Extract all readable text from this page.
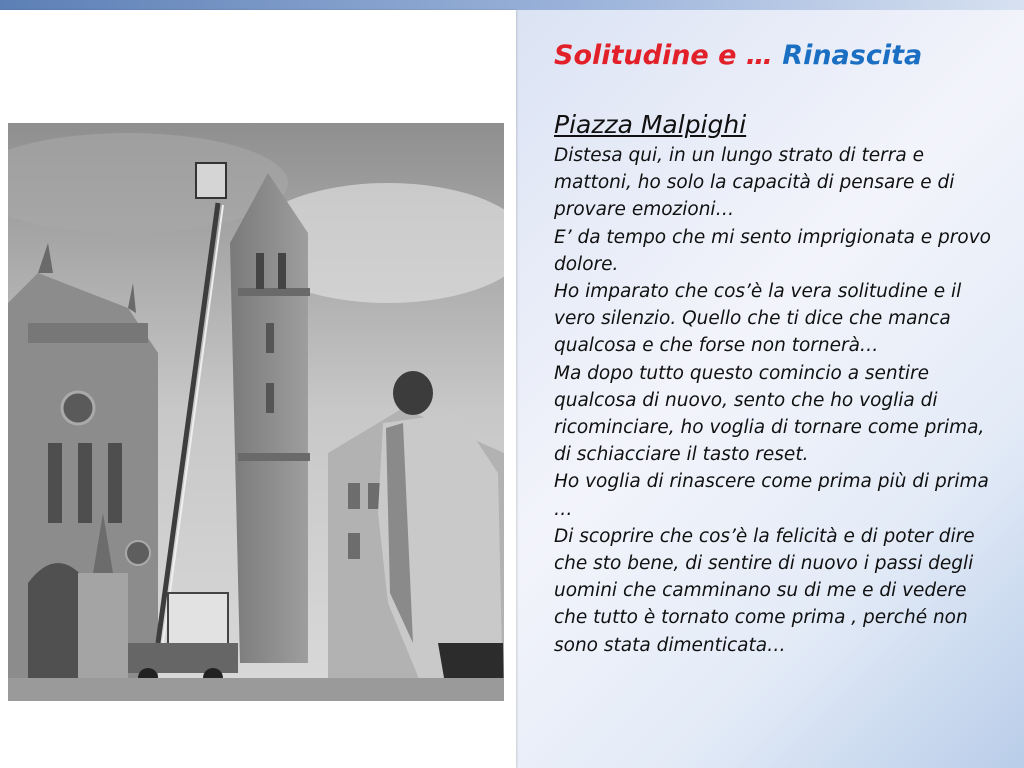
Solitudine e … Rinascita
Piazza Malpighi

Distesa qui, in un lungo strato di terra e mattoni, ho solo la capacità di pensare e di provare emozioni…

E’ da tempo che mi sento imprigionata e provo dolore.

Ho imparato che cos’è la vera solitudine e il vero silenzio. Quello che ti dice che manca qualcosa e che forse non tornerà…

Ma dopo tutto questo comincio a sentire qualcosa di nuovo, sento che ho voglia di ricominciare, ho voglia di tornare come prima, di schiacciare il tasto reset.

Ho voglia di rinascere come prima più di prima …

Di scoprire che cos’è la felicità e di poter dire che sto bene, di sentire di nuovo i passi degli uomini che camminano su di me e di vedere che tutto è tornato come prima , perché non sono stata dimenticata…
